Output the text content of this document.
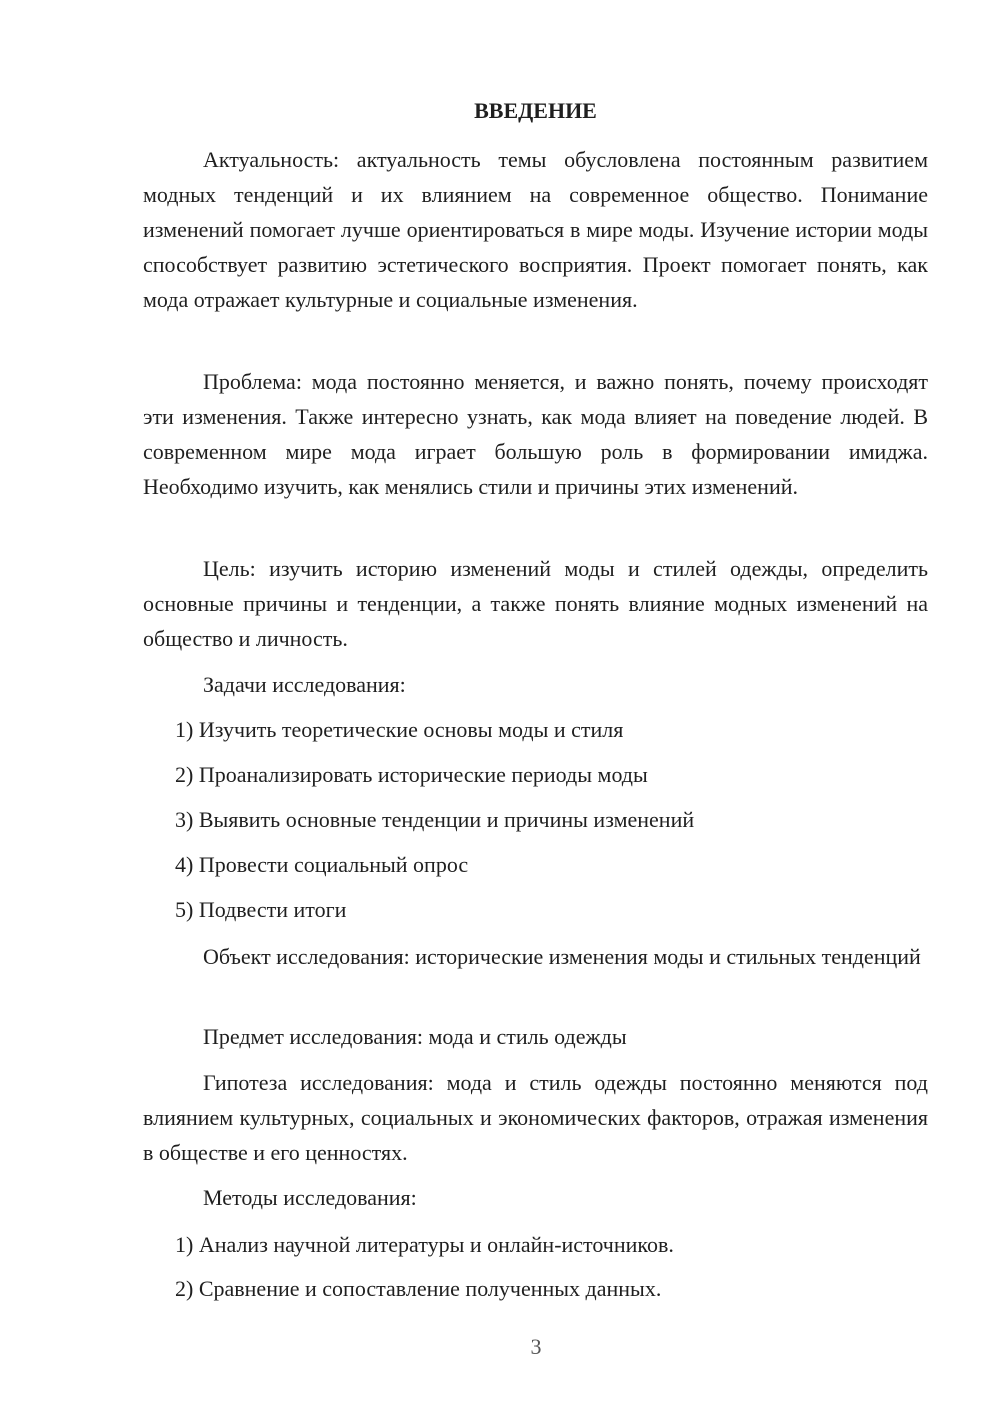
ВВЕДЕНИЕ

Актуальность: актуальность темы обусловлена постоянным развитием модных тенденций и их влиянием на современное общество. Понимание изменений помогает лучше ориентироваться в мире моды. Изучение истории моды способствует развитию эстетического восприятия. Проект помогает понять, как мода отражает культурные и социальные изменения.

Проблема: мода постоянно меняется, и важно понять, почему происходят эти изменения. Также интересно узнать, как мода влияет на поведение людей. В современном мире мода играет большую роль в формировании имиджа. Необходимо изучить, как менялись стили и причины этих изменений.

Цель: изучить историю изменений моды и стилей одежды, определить основные причины и тенденции, а также понять влияние модных изменений на общество и личность.

Задачи исследования:

1) Изучить теоретические основы моды и стиля

2) Проанализировать исторические периоды моды

3) Выявить основные тенденции и причины изменений

4) Провести социальный опрос

5) Подвести итоги

Объект исследования: исторические изменения моды и стильных тенденций

Предмет исследования: мода и стиль одежды

Гипотеза исследования: мода и стиль одежды постоянно меняются под влиянием культурных, социальных и экономических факторов, отражая изменения в обществе и его ценностях.

Методы исследования:

1) Анализ научной литературы и онлайн-источников.

2) Сравнение и сопоставление полученных данных.

3
